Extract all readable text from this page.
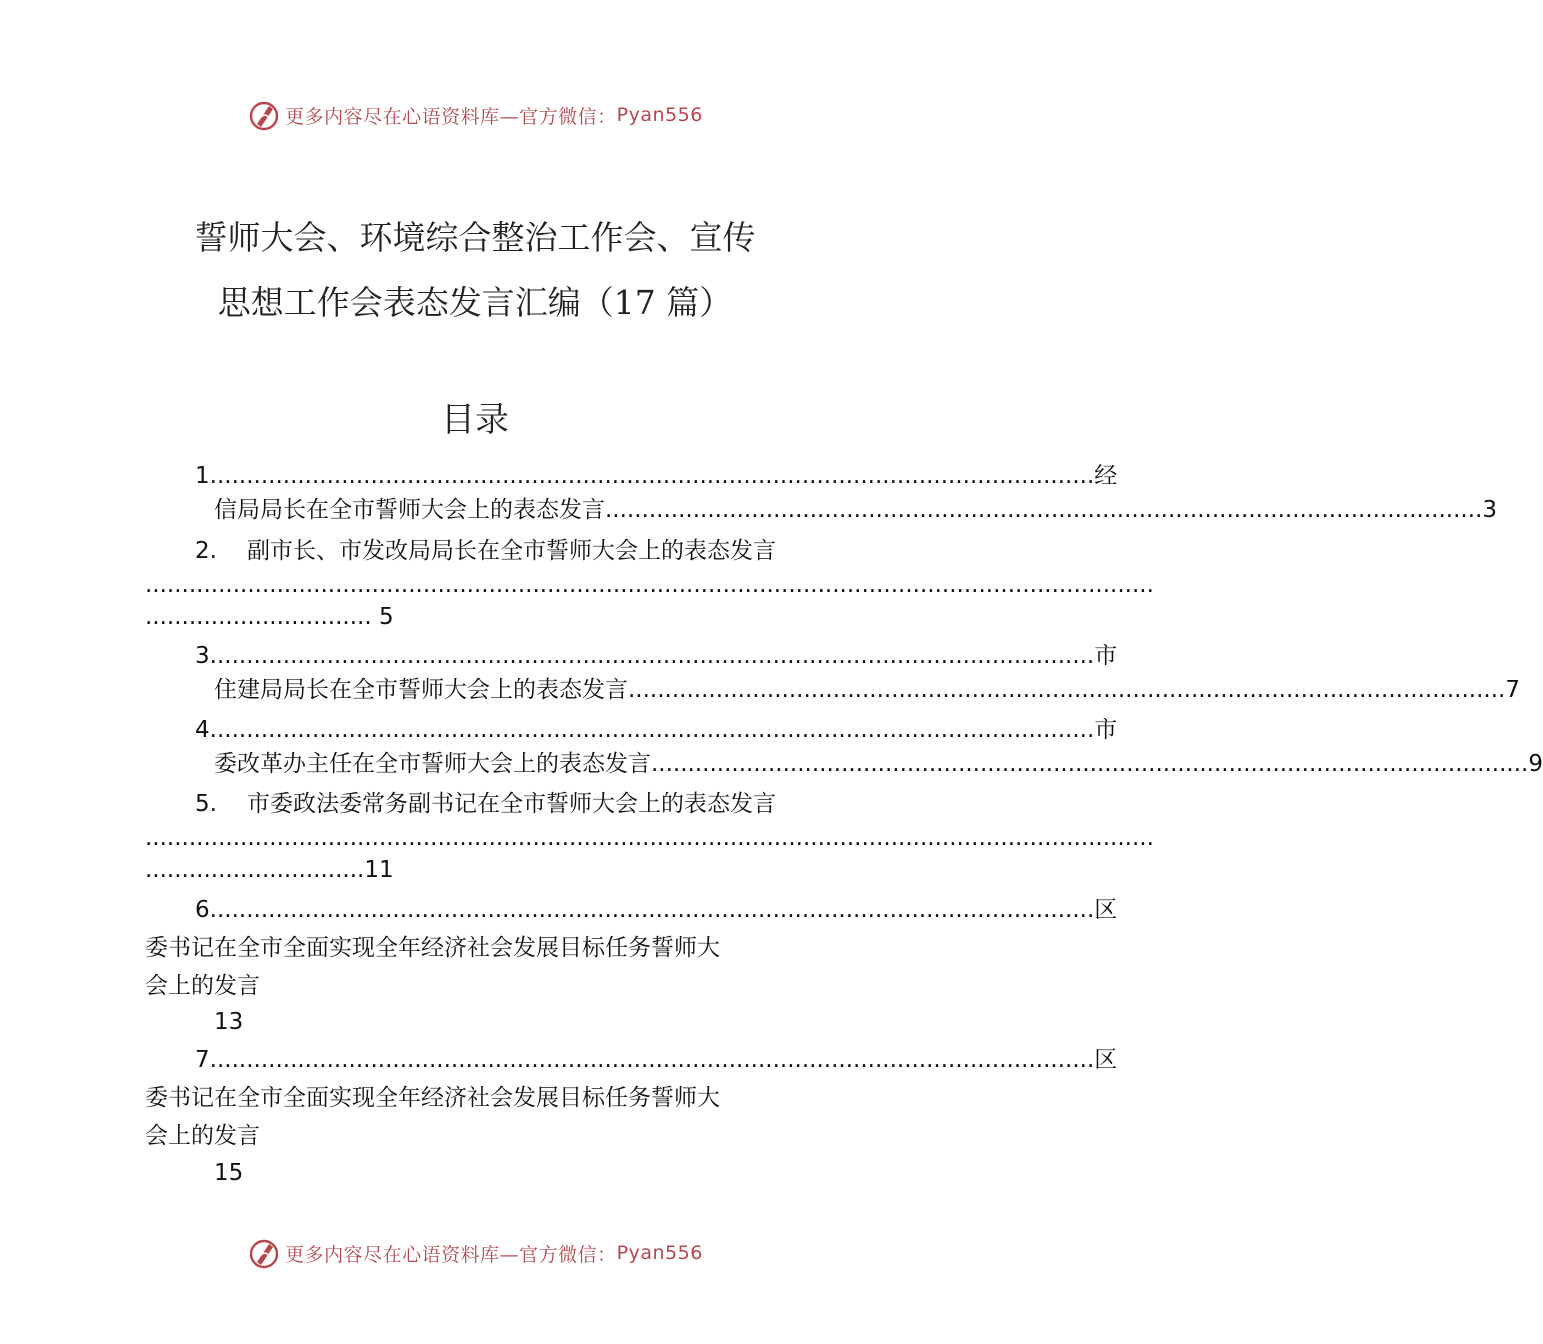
更多内容尽在心语资料库—官方微信： Pyan556
誓师大会、环境综合整治工作会、宣传
思想工作会表态发言汇编（17 篇）
目录
1. ........................................................................................................................ 经
信局局长在全市誓师大会上的表态发言 ........................................................................................................................ 3
2. 副市长、市发改局局长在全市誓师大会上的表态发言
..........................................................................................................................................
............................... 5
3. ........................................................................................................................ 市
住建局局长在全市誓师大会上的表态发言 ........................................................................................................................ 7
4. ........................................................................................................................ 市
委改革办主任在全市誓师大会上的表态发言 ........................................................................................................................ 9
5. 市委政法委常务副书记在全市誓师大会上的表态发言
..........................................................................................................................................
..............................11
6. ........................................................................................................................ 区
委书记在全市全面实现全年经济社会发展目标任务誓师大
会上的发言
13
7. ........................................................................................................................ 区
委书记在全市全面实现全年经济社会发展目标任务誓师大
会上的发言
15
更多内容尽在心语资料库—官方微信： Pyan556
